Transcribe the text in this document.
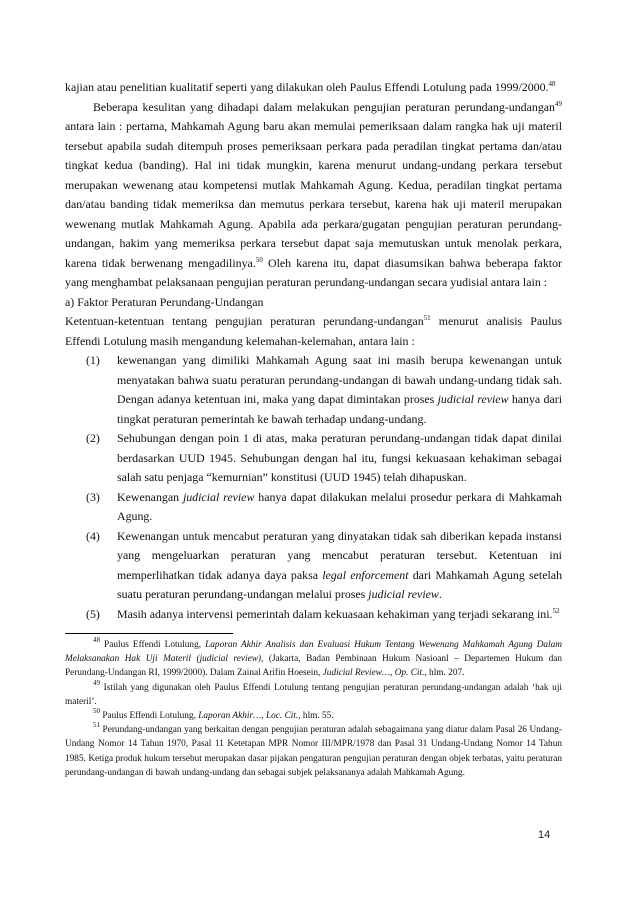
kajian atau penelitian kualitatif seperti yang dilakukan oleh Paulus Effendi Lotulung pada 1999/2000.48

Beberapa kesulitan yang dihadapi dalam melakukan pengujian peraturan perundang-undangan$^{49}$ antara lain : pertama, Mahkamah Agung baru akan memulai pemeriksaan dalam rangka hak uji materil tersebut apabila sudah ditempuh proses pemeriksaan perkara pada peradilan tingkat pertama dan/atau tingkat kedua (banding). Hal ini tidak mungkin, karena menurut undang-undang perkara tersebut merupakan wewenang atau kompetensi mutlak Mahkamah Agung. Kedua, peradilan tingkat pertama dan/atau banding tidak memeriksa dan memutus perkara tersebut, karena hak uji materil merupakan wewenang mutlak Mahkamah Agung. Apabila ada perkara/gugatan pengujian peraturan perundang-undangan, hakim yang memeriksa perkara tersebut dapat saja memutuskan untuk menolak perkara, karena tidak berwenang mengadilinya.$^{50}$ Oleh karena itu, dapat diasumsikan bahwa beberapa faktor yang menghambat pelaksanaan pengujian peraturan perundang-undangan secara yudisial antara lain :

a) Faktor Peraturan Perundang-Undangan

Ketentuan-ketentuan tentang pengujian peraturan perundang-undangan$^{51}$ menurut analisis Paulus Effendi Lotulung masih mengandung kelemahan-kelemahan, antara lain :

(1) kewenangan yang dimiliki Mahkamah Agung saat ini masih berupa kewenangan untuk menyatakan bahwa suatu peraturan perundang-undangan di bawah undang-undang tidak sah. Dengan adanya ketentuan ini, maka yang dapat dimintakan proses judicial review hanya dari tingkat peraturan pemerintah ke bawah terhadap undang-undang.
(2) Sehubungan dengan poin 1 di atas, maka peraturan perundang-undangan tidak dapat dinilai berdasarkan UUD 1945. Sehubungan dengan hal itu, fungsi kekuasaan kehakiman sebagai salah satu penjaga “kemurnian” konstitusi (UUD 1945) telah dihapuskan.
(3) Kewenangan judicial review hanya dapat dilakukan melalui prosedur perkara di Mahkamah Agung.
(4) Kewenangan untuk mencabut peraturan yang dinyatakan tidak sah diberikan kepada instansi yang mengeluarkan peraturan yang mencabut peraturan tersebut. Ketentuan ini memperlihatkan tidak adanya daya paksa legal enforcement dari Mahkamah Agung setelah suatu peraturan perundang-undangan melalui proses judicial review.
(5) Masih adanya intervensi pemerintah dalam kekuasaan kehakiman yang terjadi sekarang ini.$^{52}$

$^{48}$ Paulus Effendi Lotulung, Laporan Akhir Analisis dan Evaluasi Hukum Tentang Wewenang Mahkamah Agung Dalam Melaksanakan Hak Uji Materil (judicial review), (Jakarta, Badan Pembinaan Hukum Nasioanl – Departemen Hukum dan Perundang-Undangan RI, 1999/2000). Dalam Zainal Arifin Hoesein, Judicial Review…, Op. Cit., hlm. 207.

$^{49}$ Istilah yang digunakan oleh Paulus Effendi Lotulung tentang pengujian peraturan perundang-undangan adalah ‘hak uji materil’.

$^{50}$ Paulus Effendi Lotulung, Laporan Akhir…, Loc. Cit., hlm. 55.

$^{51}$ Perundang-undangan yang berkaitan dengan pengujian peraturan adalah sebagaimana yang diatur dalam Pasal 26 Undang-Undang Nomor 14 Tahun 1970, Pasal 11 Ketetapan MPR Nomor III/MPR/1978 dan Pasal 31 Undang-Undang Nomor 14 Tahun 1985. Ketiga produk hukum tersebut merupakan dasar pijakan pengaturan pengujian peraturan dengan objek terbatas, yaitu peraturan perundang-undangan di bawah undang-undang dan sebagai subjek pelaksananya adalah Mahkamah Agung.

14
